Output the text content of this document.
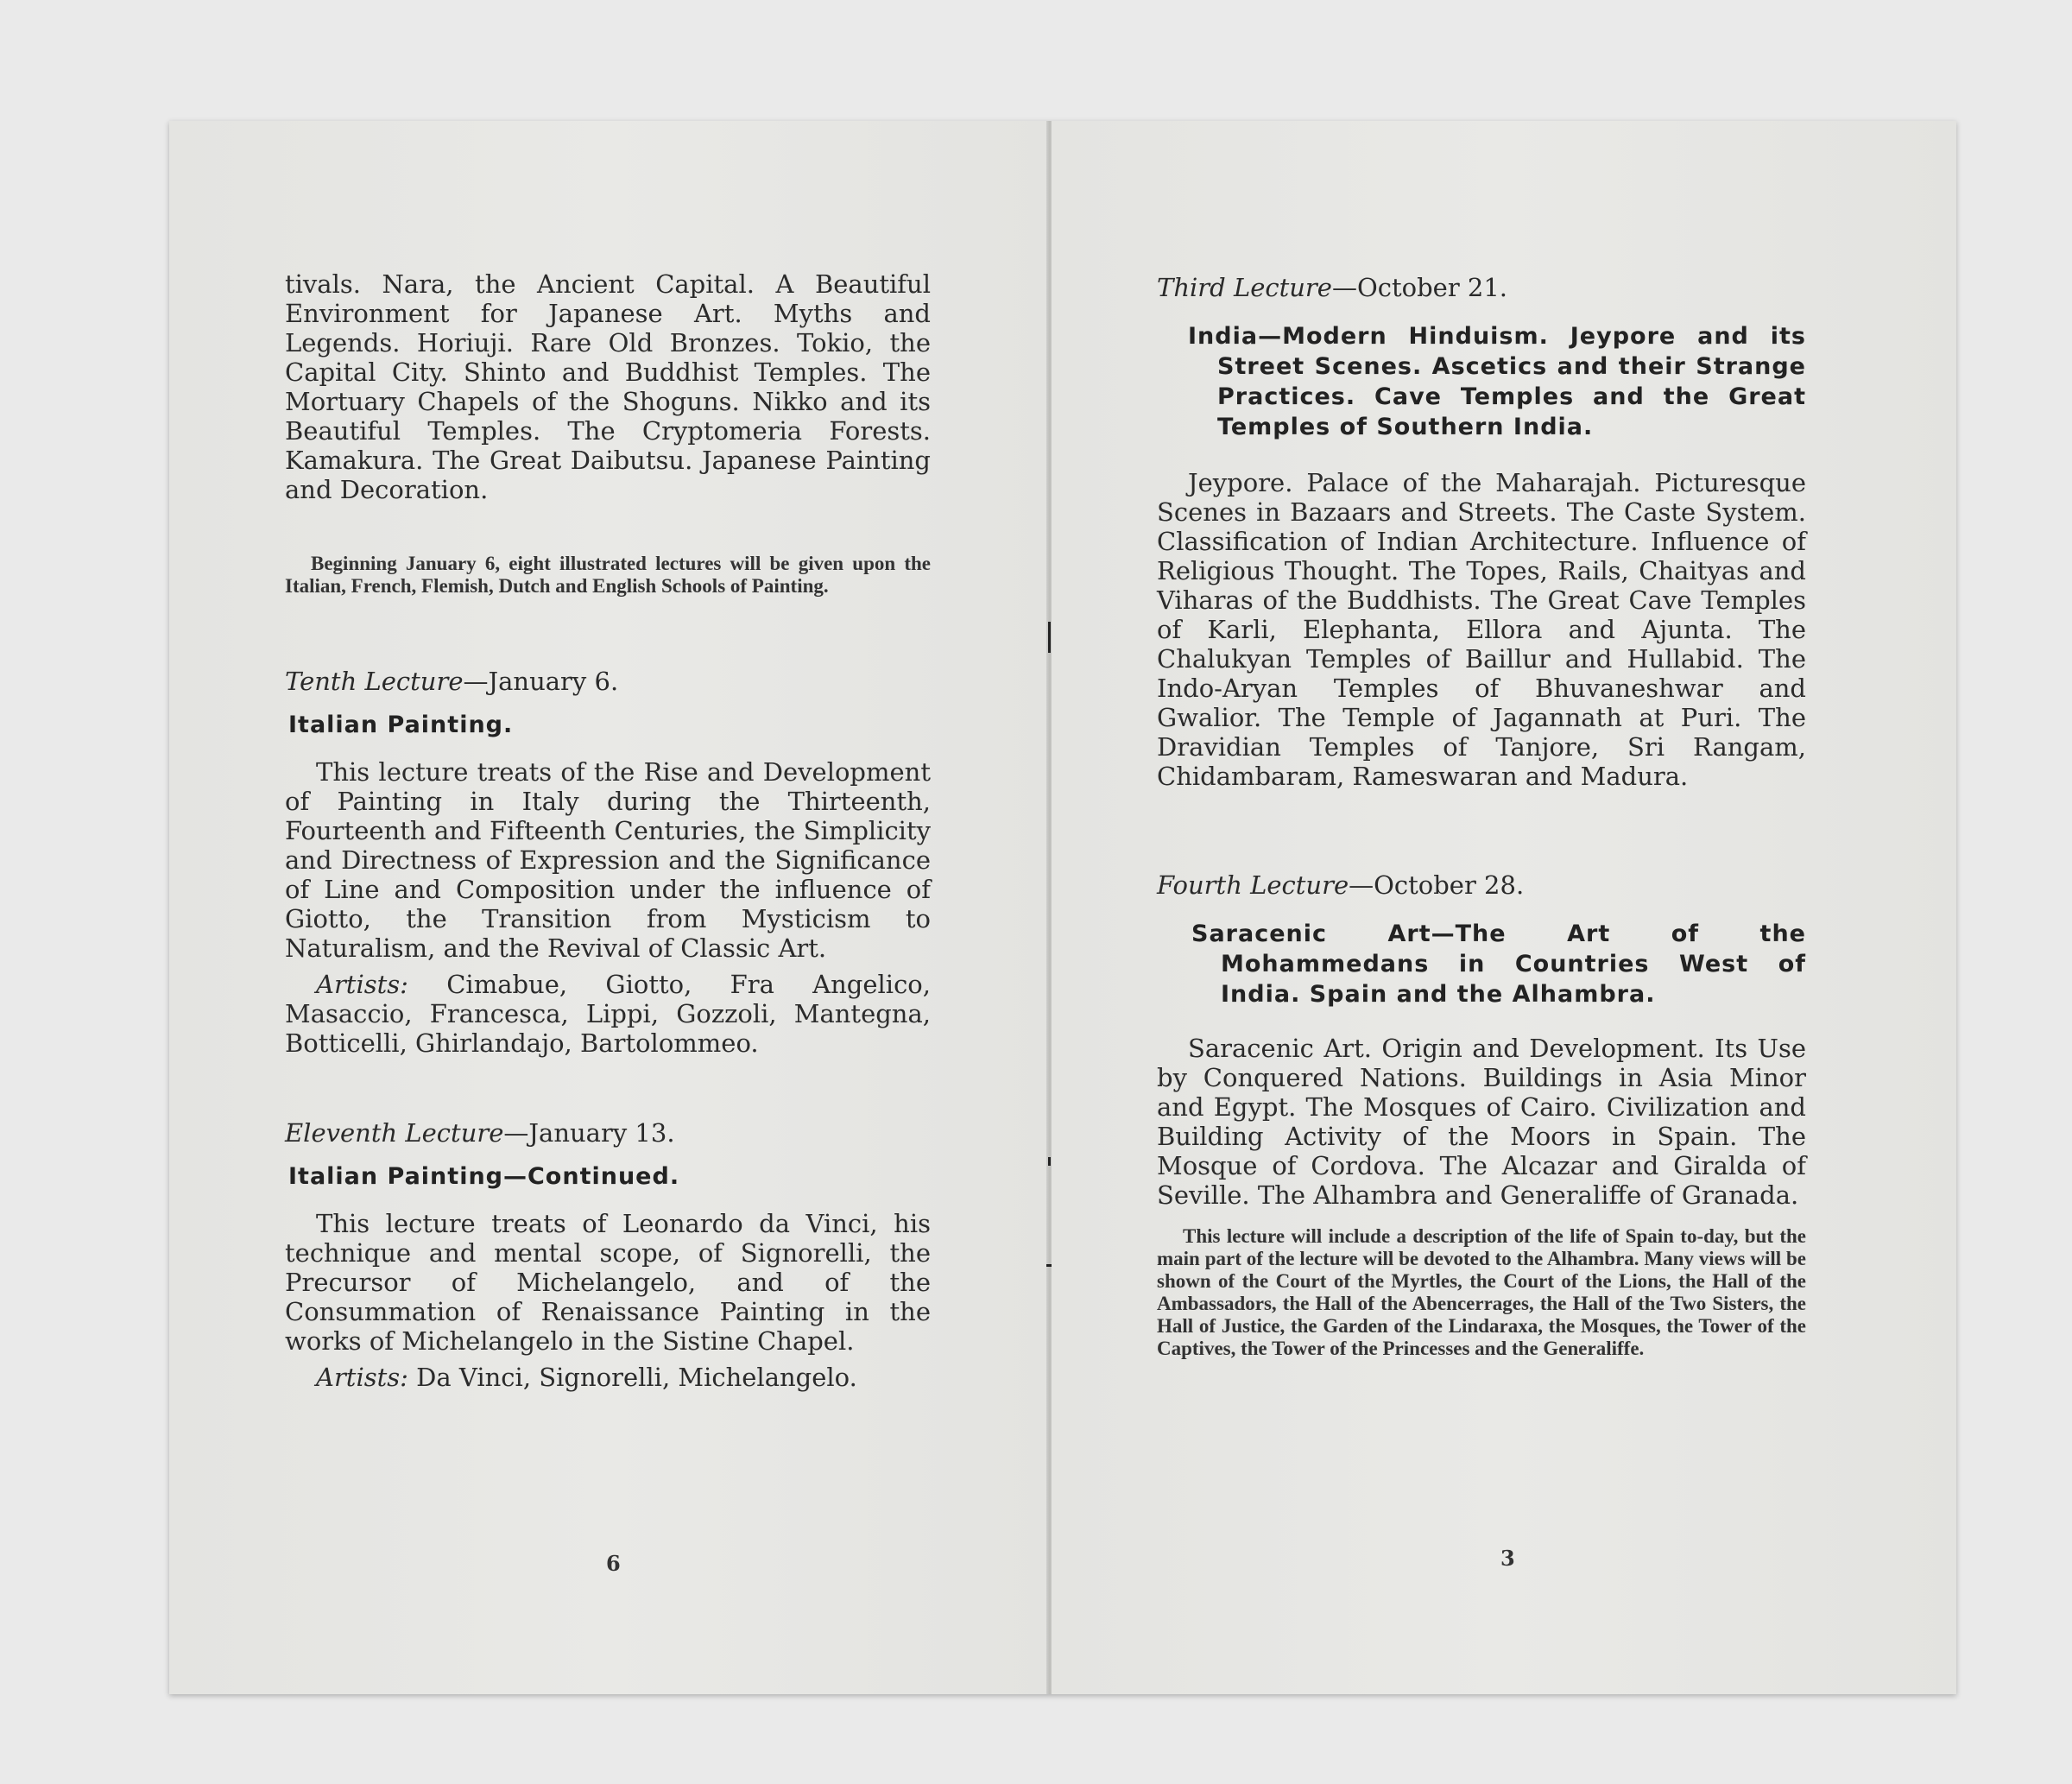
tivals. Nara, the Ancient Capital. A Beautiful Environment for Japanese Art. Myths and Legends. Horiuji. Rare Old Bronzes. Tokio, the Capital City. Shinto and Buddhist Temples. The Mortuary Chapels of the Shoguns. Nikko and its Beautiful Temples. The Cryptomeria Forests. Kamakura. The Great Daibutsu. Japanese Painting and Decoration.

Beginning January 6, eight illustrated lectures will be given upon the Italian, French, Flemish, Dutch and English Schools of Painting.

Tenth Lecture—January 6.

Italian Painting.

This lecture treats of the Rise and Development of Painting in Italy during the Thirteenth, Fourteenth and Fifteenth Centuries, the Simplicity and Directness of Expression and the Significance of Line and Composition under the influence of Giotto, the Transition from Mysticism to Naturalism, and the Revival of Classic Art.

Artists: Cimabue, Giotto, Fra Angelico, Masaccio, Francesca, Lippi, Gozzoli, Mantegna, Botticelli, Ghirlandajo, Bartolommeo.

Eleventh Lecture—January 13.

Italian Painting—Continued.

This lecture treats of Leonardo da Vinci, his technique and mental scope, of Signorelli, the Precursor of Michelangelo, and of the Consummation of Renaissance Painting in the works of Michelangelo in the Sistine Chapel.

Artists: Da Vinci, Signorelli, Michelangelo.

6

Third Lecture—October 21.

India—Modern Hinduism. Jeypore and its Street Scenes. Ascetics and their Strange Practices. Cave Temples and the Great Temples of Southern India.

Jeypore. Palace of the Maharajah. Picturesque Scenes in Bazaars and Streets. The Caste System. Classification of Indian Architecture. Influence of Religious Thought. The Topes, Rails, Chaityas and Viharas of the Buddhists. The Great Cave Temples of Karli, Elephanta, Ellora and Ajunta. The Chalukyan Temples of Baillur and Hullabid. The Indo-Aryan Temples of Bhuvaneshwar and Gwalior. The Temple of Jagannath at Puri. The Dravidian Temples of Tanjore, Sri Rangam, Chidambaram, Rameswaran and Madura.

Fourth Lecture—October 28.

Saracenic Art—The Art of the Mohammedans in Countries West of India. Spain and the Alhambra.

Saracenic Art. Origin and Development. Its Use by Conquered Nations. Buildings in Asia Minor and Egypt. The Mosques of Cairo. Civilization and Building Activity of the Moors in Spain. The Mosque of Cordova. The Alcazar and Giralda of Seville. The Alhambra and Generaliffe of Granada.

This lecture will include a description of the life of Spain to-day, but the main part of the lecture will be devoted to the Alhambra. Many views will be shown of the Court of the Myrtles, the Court of the Lions, the Hall of the Ambassadors, the Hall of the Abencerrages, the Hall of the Two Sisters, the Hall of Justice, the Garden of the Lindaraxa, the Mosques, the Tower of the Captives, the Tower of the Princesses and the Generaliffe.

3
